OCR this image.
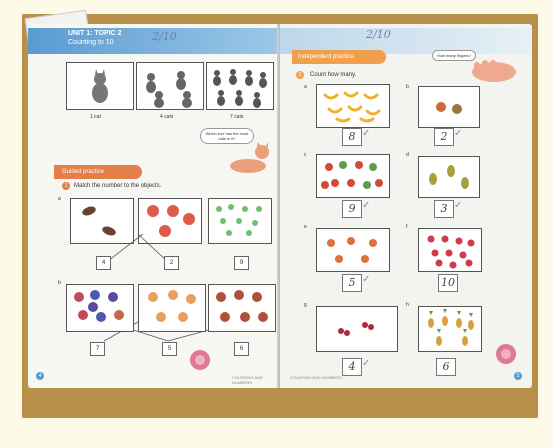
UNIT 1: TOPIC 2
Counting to 10	2/10
1 cat	4 cats	7 cats
Which box has the most cats in it?
Guided practice
1	Match the number to the objects.
a
4	2	9
b
7	5	6
4	COUNTING AND NUMBERS
2/10
Independent practice	How many fingers?
2	Count how many.
a
8 ✓
b
2 ✓
c
9 ✓
d
3 ✓
e
5 ✓
f
10
g
4 ✓
h
6
COUNTING AND NUMBERS	5
